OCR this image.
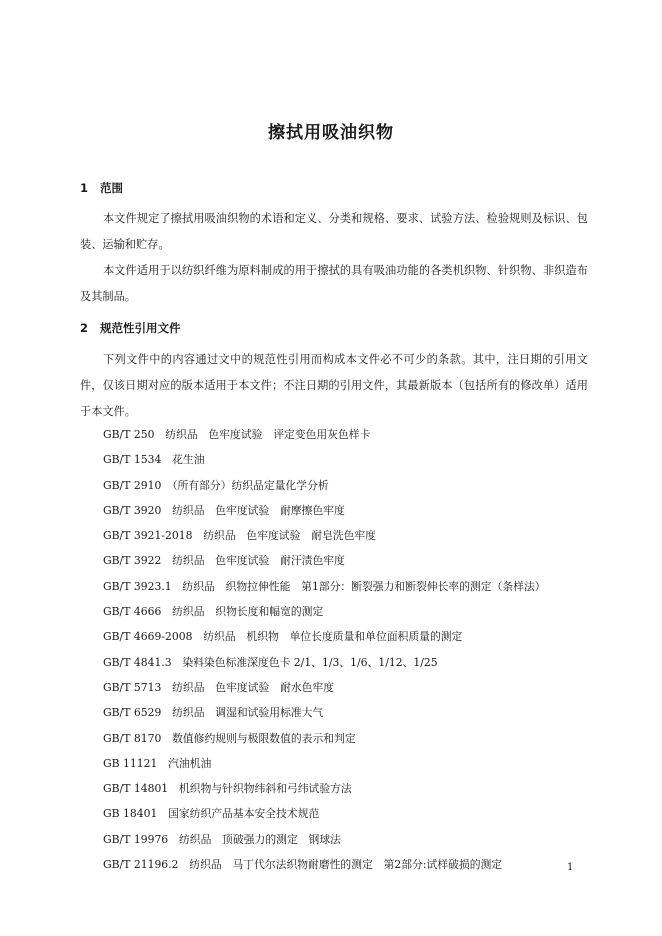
擦拭用吸油织物
1 范围

本文件规定了擦拭用吸油织物的术语和定义、分类和规格、要求、试验方法、检验规则及标识、包装、运输和贮存。

本文件适用于以纺织纤维为原料制成的用于擦拭的具有吸油功能的各类机织物、针织物、非织造布及其制品。

2 规范性引用文件

下列文件中的内容通过文中的规范性引用而构成本文件必不可少的条款。其中，注日期的引用文件，仅该日期对应的版本适用于本文件；不注日期的引用文件，其最新版本（包括所有的修改单）适用于本文件。

GB/T 250　 纺织品　色牢度试验　评定变色用灰色样卡
GB/T 1534　 花生油
GB/T 2910　 （所有部分）纺织品定量化学分析
GB/T 3920　 纺织品　色牢度试验　耐摩擦色牢度
GB/T 3921-2018　 纺织品　色牢度试验　耐皂洗色牢度
GB/T 3922　 纺织品　色牢度试验　耐汗渍色牢度
GB/T 3923.1　 纺织品　织物拉伸性能　第1部分：断裂强力和断裂伸长率的测定（条样法）
GB/T 4666　 纺织品　织物长度和幅宽的测定
GB/T 4669-2008　 纺织品　机织物　单位长度质量和单位面积质量的测定
GB/T 4841.3　 染料染色标准深度色卡 2/1、1/3、1/6、1/12、1/25
GB/T 5713　 纺织品　色牢度试验　耐水色牢度
GB/T 6529　 纺织品　调湿和试验用标准大气
GB/T 8170　 数值修约规则与极限数值的表示和判定
GB 11121　 汽油机油
GB/T 14801　 机织物与针织物纬斜和弓纬试验方法
GB 18401　 国家纺织产品基本安全技术规范
GB/T 19976　 纺织品　顶破强力的测定　钢球法
GB/T 21196.2　 纺织品　马丁代尔法织物耐磨性的测定　第2部分:试样破损的测定	1
